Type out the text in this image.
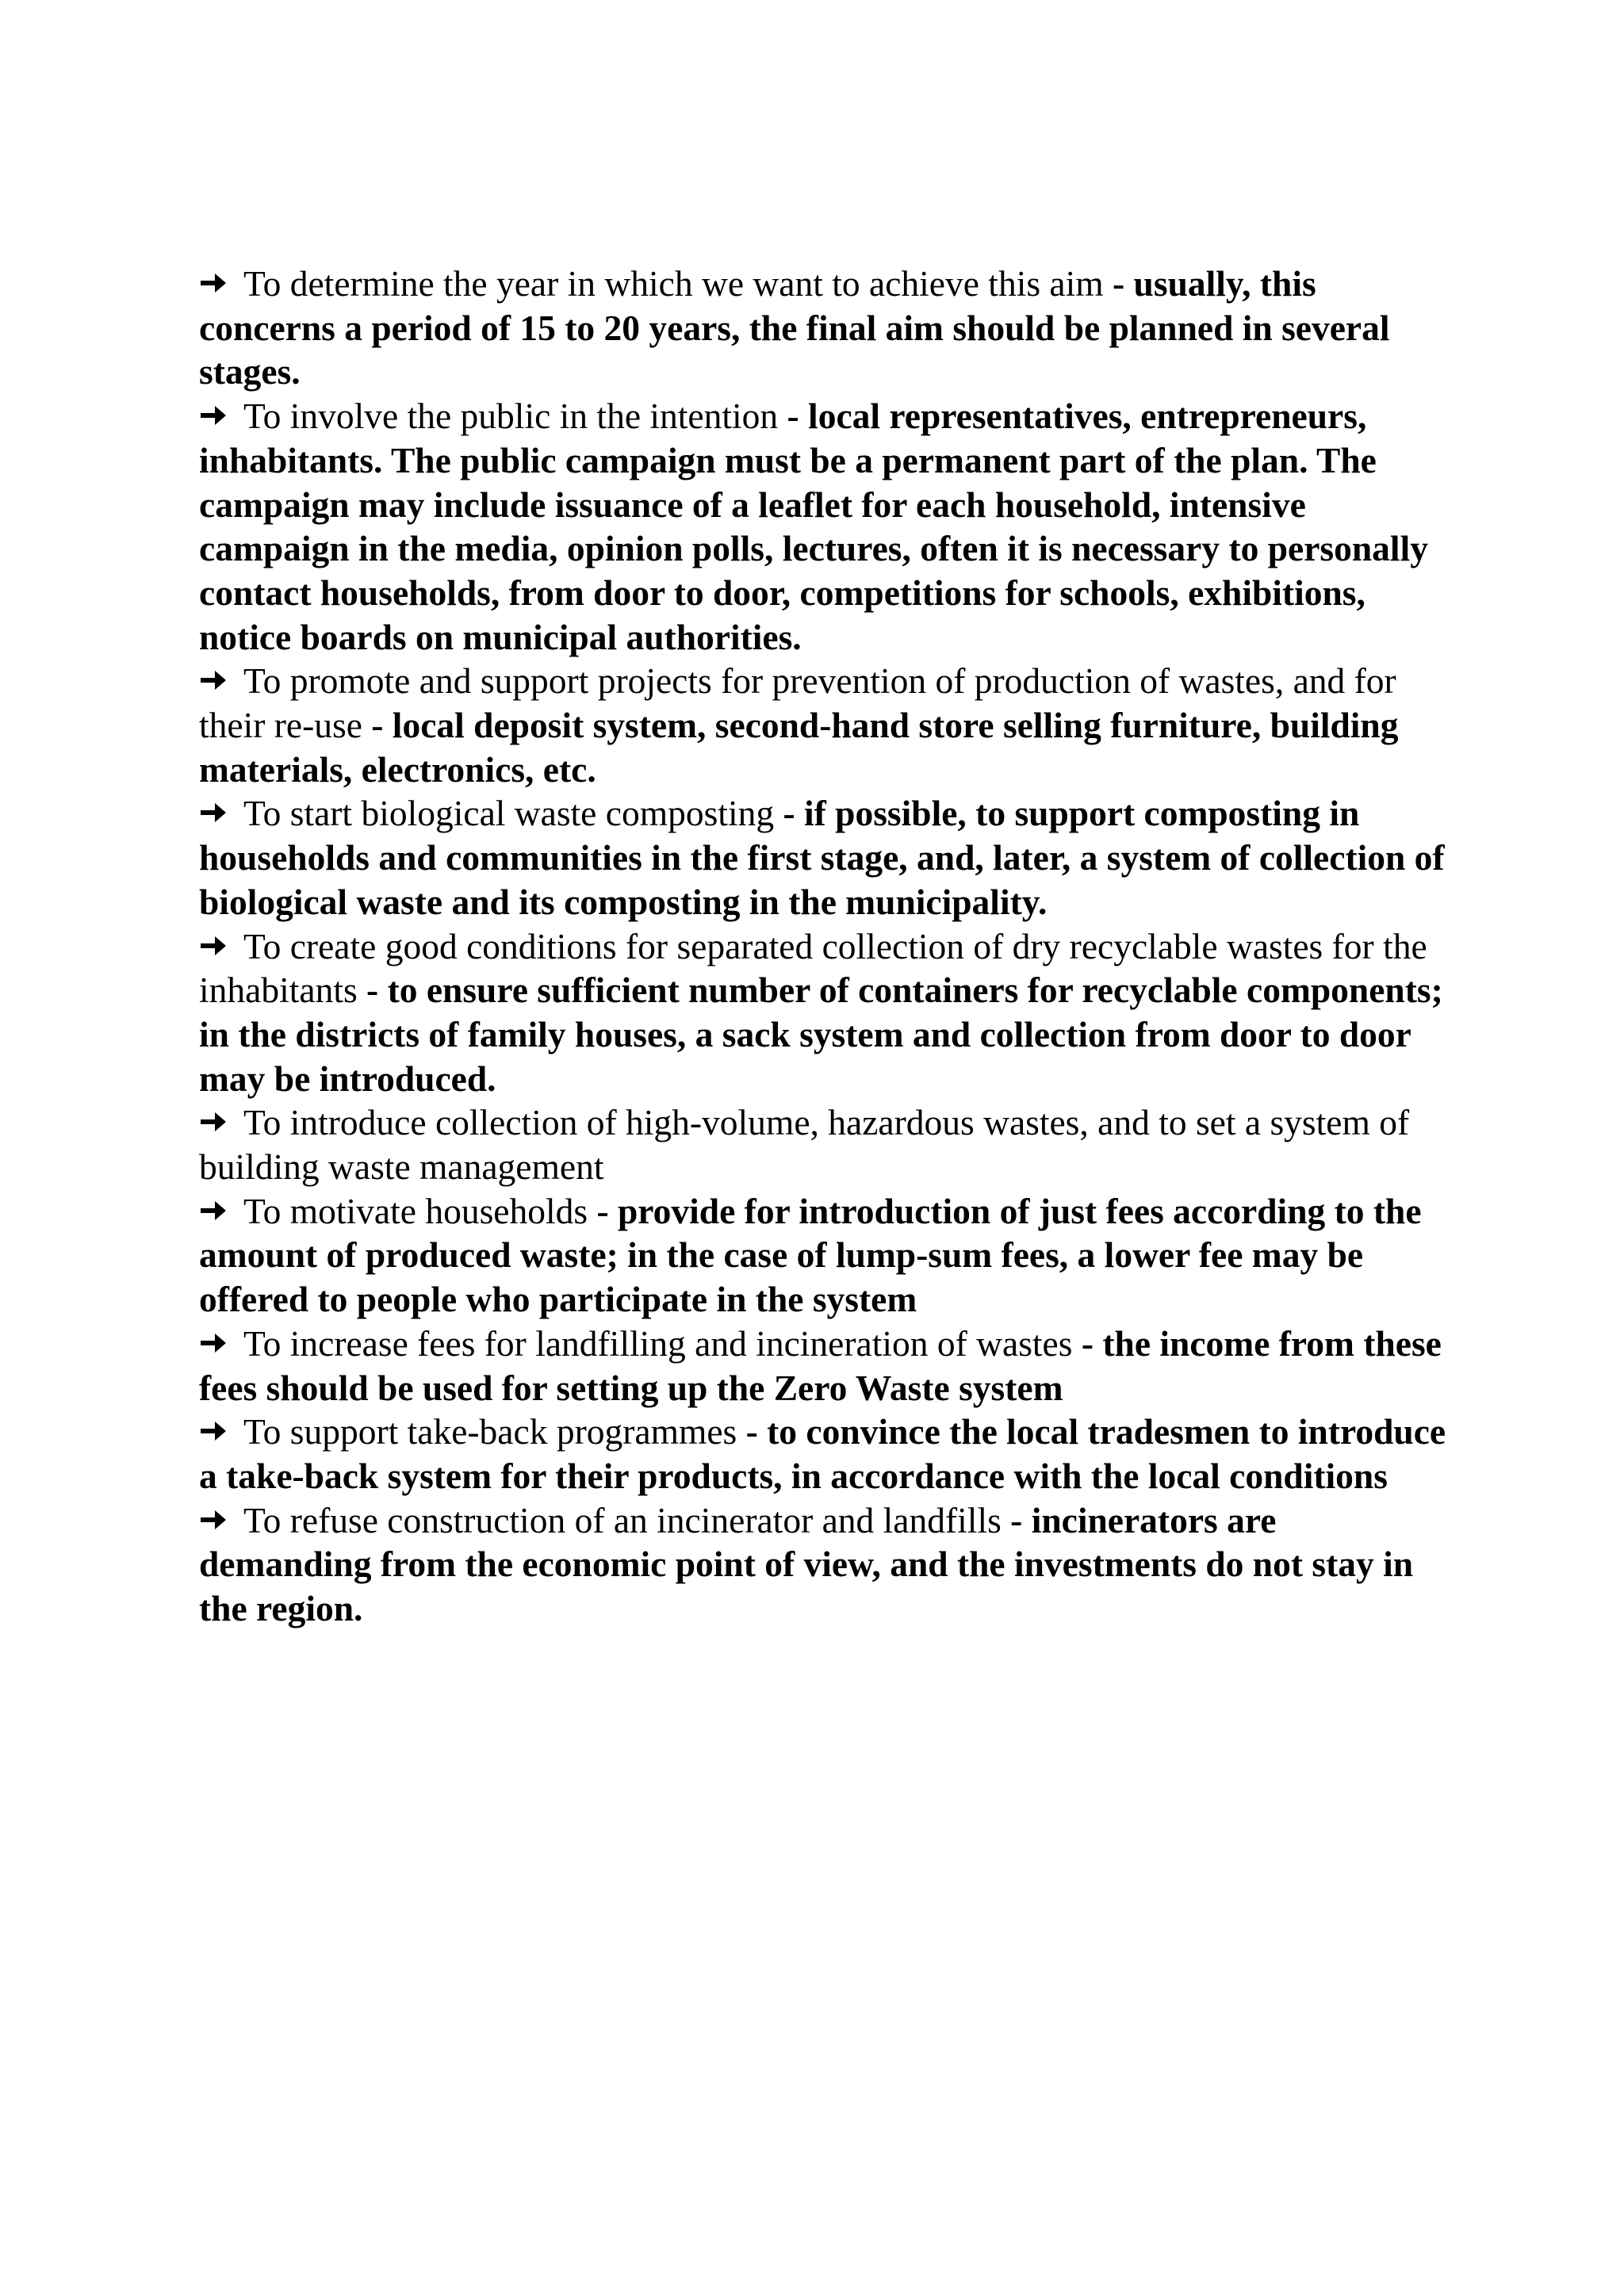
To determine the year in which we want to achieve this aim - usually, this concerns a period of 15 to 20 years, the final aim should be planned in several stages.

To involve the public in the intention - local representatives, entrepreneurs, inhabitants. The public campaign must be a permanent part of the plan. The campaign may include issuance of a leaflet for each household, intensive campaign in the media, opinion polls, lectures, often it is necessary to personally contact households, from door to door, competitions for schools, exhibitions, notice boards on municipal authorities.

To promote and support projects for prevention of production of wastes, and for their re-use - local deposit system, second-hand store selling furniture, building materials, electronics, etc.

To start biological waste composting - if possible, to support composting in households and communities in the first stage, and, later, a system of collection of biological waste and its composting in the municipality.

To create good conditions for separated collection of dry recyclable wastes for the inhabitants - to ensure sufficient number of containers for recyclable components; in the districts of family houses, a sack system and collection from door to door may be introduced.

To introduce collection of high-volume, hazardous wastes, and to set a system of building waste management

To motivate households - provide for introduction of just fees according to the amount of produced waste; in the case of lump-sum fees, a lower fee may be offered to people who participate in the system

To increase fees for landfilling and incineration of wastes - the income from these fees should be used for setting up the Zero Waste system

To support take-back programmes - to convince the local tradesmen to introduce a take-back system for their products, in accordance with the local conditions

To refuse construction of an incinerator and landfills - incinerators are demanding from the economic point of view, and the investments do not stay in the region.
